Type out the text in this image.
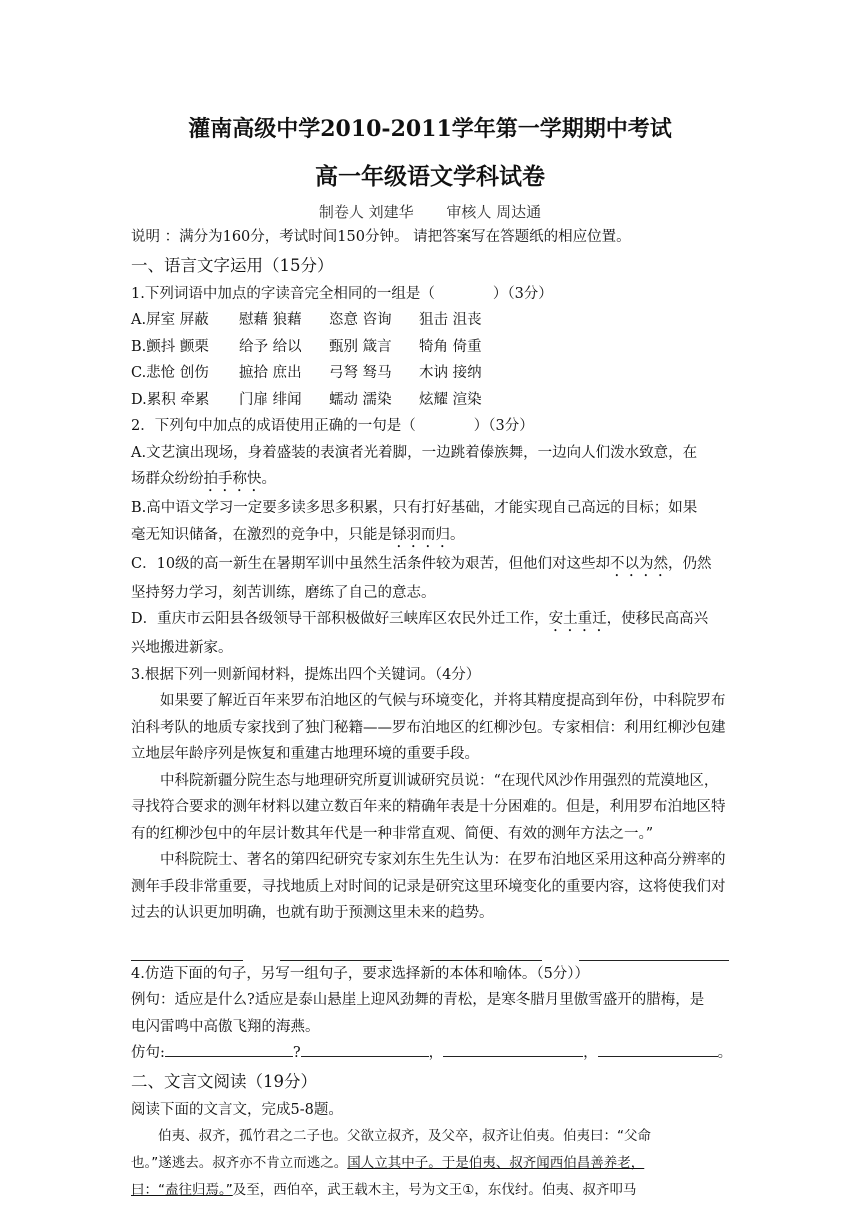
灌南高级中学2010-2011学年第一学期期中考试
高一年级语文学科试卷
制卷人 刘建华 审核人 周达通
说明 ：满分为160分，考试时间150分钟。 请把答案写在答题纸的相应位置。
一、语言文字运用（15分）
1.下列词语中加点的字读音完全相同的一组是（　　　　）（3分）
A.屏室 屏蔽	慰藉 狼藉	恣意 咨询	狙击 沮丧
B.颤抖 颤栗	给予 给以	甄别 箴言	犄角 倚重
C.悲怆 创伤	摭拾 庶出	弓弩 驽马	木讷 接纳
D.累积 牵累	门扉 绯闻	蠕动 濡染	炫耀 渲染
2．下列句中加点的成语使用正确的一句是（　　　　）（3分）
A.文艺演出现场，身着盛装的表演者光着脚，一边跳着傣族舞，一边向人们泼水致意，在
场群众纷纷拍手称快。
B.高中语文学习一定要多读多思多积累，只有打好基础，才能实现自己高远的目标；如果
毫无知识储备，在激烈的竞争中，只能是铩羽而归。
C．10级的高一新生在暑期军训中虽然生活条件较为艰苦，但他们对这些却不以为然，仍然
坚持努力学习，刻苦训练，磨练了自己的意志。
D．重庆市云阳县各级领导干部积极做好三峡库区农民外迁工作，安土重迁，使移民高高兴
兴地搬进新家。
3.根据下列一则新闻材料，提炼出四个关键词。（4分）
如果要了解近百年来罗布泊地区的气候与环境变化，并将其精度提高到年份，中科院罗布泊科考队的地质专家找到了独门秘籍——罗布泊地区的红柳沙包。专家相信：利用红柳沙包建立地层年龄序列是恢复和重建古地理环境的重要手段。
中科院新疆分院生态与地理研究所夏训诚研究员说：“在现代风沙作用强烈的荒漠地区，寻找符合要求的测年材料以建立数百年来的精确年表是十分困难的。但是，利用罗布泊地区特有的红柳沙包中的年层计数其年代是一种非常直观、简便、有效的测年方法之一。”
中科院院士、著名的第四纪研究专家刘东生先生认为：在罗布泊地区采用这种高分辨率的测年手段非常重要，寻找地质上对时间的记录是研究这里环境变化的重要内容，这将使我们对过去的认识更加明确，也就有助于预测这里未来的趋势。
4.仿造下面的句子，另写一组句子，要求选择新的本体和喻体。（5分））
例句：适应是什么?适应是泰山悬崖上迎风劲舞的青松，是寒冬腊月里傲雪盛开的腊梅，是
电闪雷鸣中高傲飞翔的海燕。
仿句:	?	，	，	。
二、文言文阅读（19分）
阅读下面的文言文，完成5-8题。
伯夷、叔齐，孤竹君之二子也。父欲立叔齐，及父卒，叔齐让伯夷。伯夷曰：“父命
也。”遂逃去。叔齐亦不肯立而逃之。国人立其中子。于是伯夷、叔齐闻西伯昌善养老，
曰：“盍往归焉。”及至，西伯卒，武王载木主，号为文王①，东伐纣。伯夷、叔齐叩马
